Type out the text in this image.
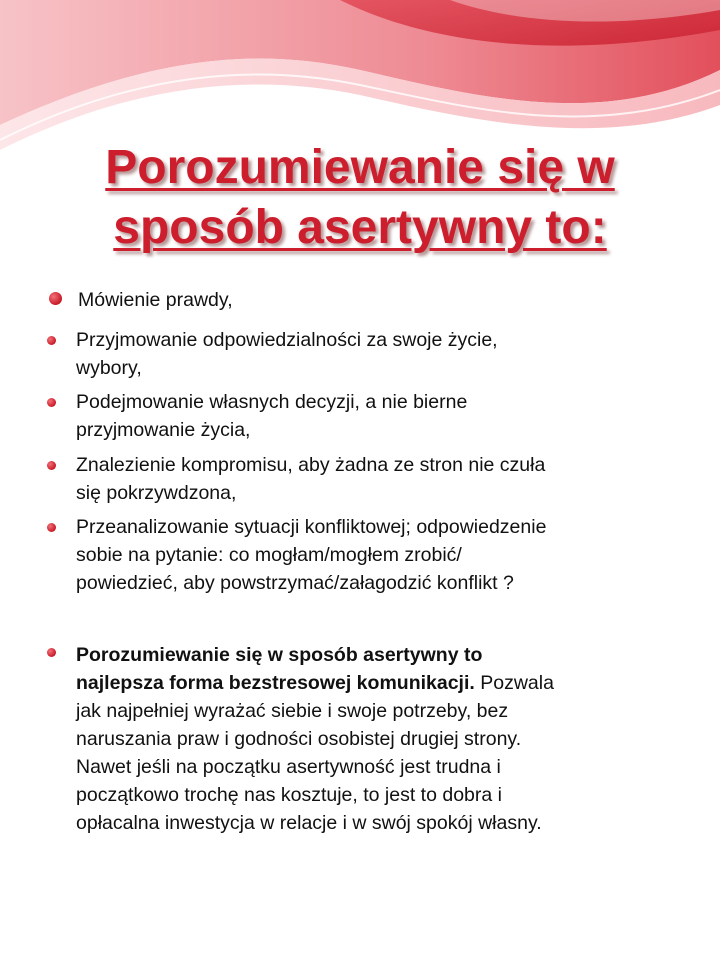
Porozumiewanie się w
sposób asertywny to:

Mówienie prawdy,

Przyjmowanie odpowiedzialności za swoje życie,
wybory,

Podejmowanie własnych decyzji, a nie bierne
przyjmowanie życia,

Znalezienie kompromisu, aby żadna ze stron nie czuła
się pokrzywdzona,

Przeanalizowanie sytuacji konfliktowej; odpowiedzenie
sobie na pytanie: co mogłam/mogłem zrobić/
powiedzieć, aby powstrzymać/załagodzić konflikt ?

Porozumiewanie się w sposób asertywny to
najlepsza forma bezstresowej komunikacji. Pozwala
jak najpełniej wyrażać siebie i swoje potrzeby, bez
naruszania praw i godności osobistej drugiej strony.
Nawet jeśli na początku asertywność jest trudna i
początkowo trochę nas kosztuje, to jest to dobra i
opłacalna inwestycja w relacje i w swój spokój własny.
